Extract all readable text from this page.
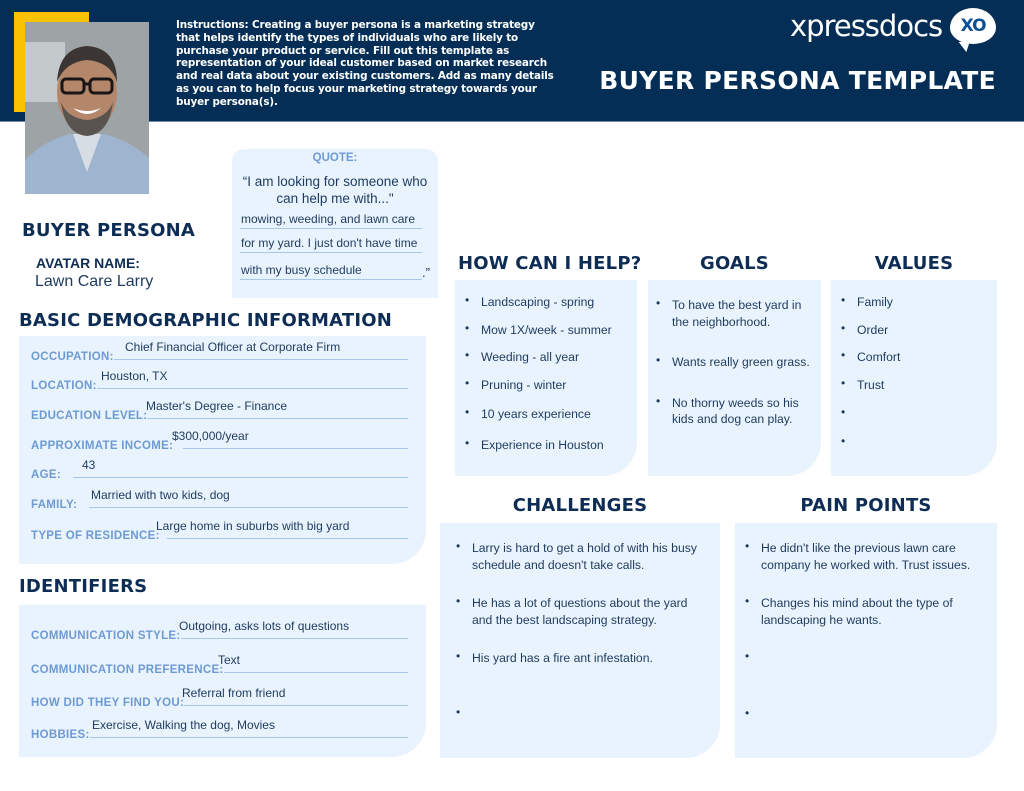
Instructions: Creating a buyer persona is a marketing strategy that helps identify the types of individuals who are likely to purchase your product or service. Fill out this template as representation of your ideal customer based on market research and real data about your existing customers. Add as many details as you can to help focus your marketing strategy towards your buyer persona(s).
xpressdocs XO
BUYER PERSONA TEMPLATE
QUOTE:
“I am looking for someone who can help me with..."
mowing, weeding, and lawn care
for my yard. I just don't have time
with my busy schedule	.”
BUYER PERSONA
AVATAR NAME:
Lawn Care Larry
BASIC DEMOGRAPHIC INFORMATION
OCCUPATION:
Chief Financial Officer at Corporate Firm
LOCATION:
Houston, TX
EDUCATION LEVEL:
Master's Degree - Finance
APPROXIMATE INCOME:
$300,000/year
AGE:
43
FAMILY:
Married with two kids, dog
TYPE OF RESIDENCE:
Large home in suburbs with big yard
IDENTIFIERS
COMMUNICATION STYLE:
Outgoing, asks lots of questions
COMMUNICATION PREFERENCE:
Text
HOW DID THEY FIND YOU:
Referral from friend
HOBBIES:
Exercise, Walking the dog, Movies
HOW CAN I HELP?
• Landscaping - spring
• Mow 1X/week - summer
• Weeding - all year
• Pruning - winter
• 10 years experience
• Experience in Houston
GOALS
• To have the best yard in the neighborhood.
• Wants really green grass.
• No thorny weeds so his kids and dog can play.
VALUES
• Family
• Order
• Comfort
• Trust
•
•
CHALLENGES
• Larry is hard to get a hold of with his busy schedule and doesn't take calls.
• He has a lot of questions about the yard and the best landscaping strategy.
• His yard has a fire ant infestation.
•
PAIN POINTS
• He didn't like the previous lawn care company he worked with. Trust issues.
• Changes his mind about the type of landscaping he wants.
•
•
